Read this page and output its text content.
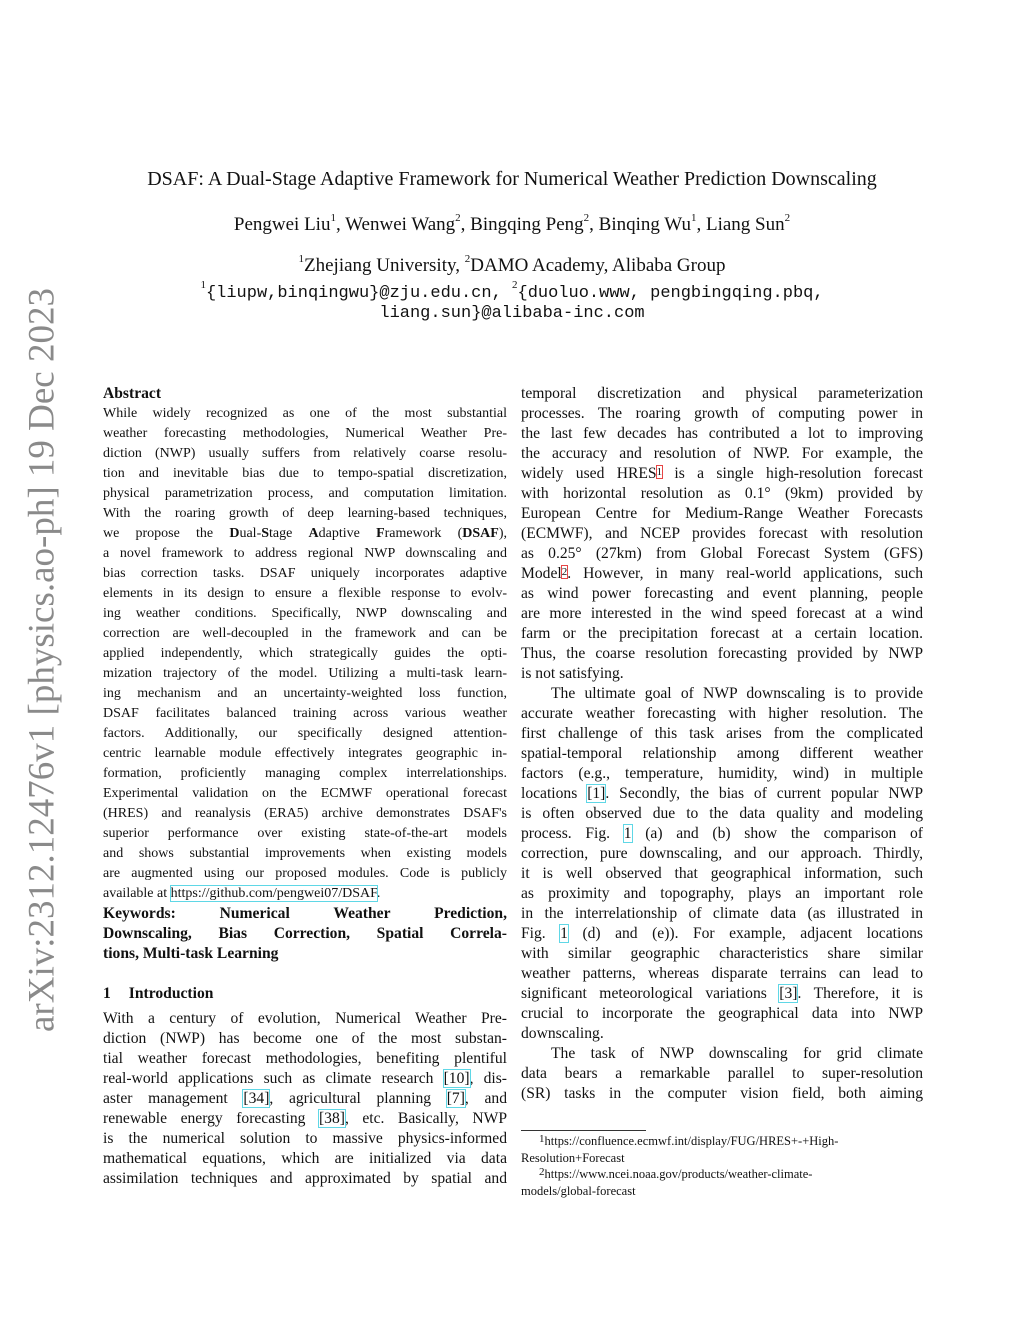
arXiv:2312.12476v1 [physics.ao-ph] 19 Dec 2023
DSAF: A Dual-Stage Adaptive Framework for Numerical Weather Prediction Downscaling
Pengwei Liu$^1$, Wenwei Wang$^2$, Bingqing Peng$^2$, Binqing Wu$^1$, Liang Sun$^2$
$^1$Zhejiang University, $^2$DAMO Academy, Alibaba Group
$^1${liupw,binqingwu}@zju.edu.cn, $^2${duoluo.www, pengbingqing.pbq,
liang.sun}@alibaba-inc.com
Abstract
While widely recognized as one of the most substantial
weather forecasting methodologies, Numerical Weather Pre-
diction (NWP) usually suffers from relatively coarse resolu-
tion and inevitable bias due to tempo-spatial discretization,
physical parametrization process, and computation limitation.
With the roaring growth of deep learning-based techniques,
we propose the Dual-Stage Adaptive Framework (DSAF),
a novel framework to address regional NWP downscaling and
bias correction tasks. DSAF uniquely incorporates adaptive
elements in its design to ensure a flexible response to evolv-
ing weather conditions. Specifically, NWP downscaling and
correction are well-decoupled in the framework and can be
applied independently, which strategically guides the opti-
mization trajectory of the model. Utilizing a multi-task learn-
ing mechanism and an uncertainty-weighted loss function,
DSAF facilitates balanced training across various weather
factors. Additionally, our specifically designed attention-
centric learnable module effectively integrates geographic in-
formation, proficiently managing complex interrelationships.
Experimental validation on the ECMWF operational forecast
(HRES) and reanalysis (ERA5) archive demonstrates DSAF's
superior performance over existing state-of-the-art models
and shows substantial improvements when existing models
are augmented using our proposed modules. Code is publicly
available at https://github.com/pengwei07/DSAF.
Keywords: Numerical Weather Prediction,
Downscaling, Bias Correction, Spatial Correla-
tions, Multi-task Learning
1 Introduction
With a century of evolution, Numerical Weather Pre-
diction (NWP) has become one of the most substan-
tial weather forecast methodologies, benefiting plentiful
real-world applications such as climate research [10], dis-
aster management [34], agricultural planning [7], and
renewable energy forecasting [38], etc. Basically, NWP
is the numerical solution to massive physics-informed
mathematical equations, which are initialized via data
assimilation techniques and approximated by spatial and
temporal discretization and physical parameterization
processes. The roaring growth of computing power in
the last few decades has contributed a lot to improving
the accuracy and resolution of NWP. For example, the
widely used HRES$^1$ is a single high-resolution forecast
with horizontal resolution as 0.1° (9km) provided by
European Centre for Medium-Range Weather Forecasts
(ECMWF), and NCEP provides forecast with resolution
as 0.25° (27km) from Global Forecast System (GFS)
Model$^2$. However, in many real-world applications, such
as wind power forecasting and event planning, people
are more interested in the wind speed forecast at a wind
farm or the precipitation forecast at a certain location.
Thus, the coarse resolution forecasting provided by NWP
is not satisfying.
The ultimate goal of NWP downscaling is to provide
accurate weather forecasting with higher resolution. The
first challenge of this task arises from the complicated
spatial-temporal relationship among different weather
factors (e.g., temperature, humidity, wind) in multiple
locations [1]. Secondly, the bias of current popular NWP
is often observed due to the data quality and modeling
process. Fig. 1 (a) and (b) show the comparison of
correction, pure downscaling, and our approach. Thirdly,
it is well observed that geographical information, such
as proximity and topography, plays an important role
in the interrelationship of climate data (as illustrated in
Fig. 1 (d) and (e)). For example, adjacent locations
with similar geographic characteristics share similar
weather patterns, whereas disparate terrains can lead to
significant meteorological variations [3]. Therefore, it is
crucial to incorporate the geographical data into NWP
downscaling.
The task of NWP downscaling for grid climate
data bears a remarkable parallel to super-resolution
(SR) tasks in the computer vision field, both aiming
$^1$https://confluence.ecmwf.int/display/FUG/HRES+-+High-
Resolution+Forecast
$^2$https://www.ncei.noaa.gov/products/weather-climate-
models/global-forecast
